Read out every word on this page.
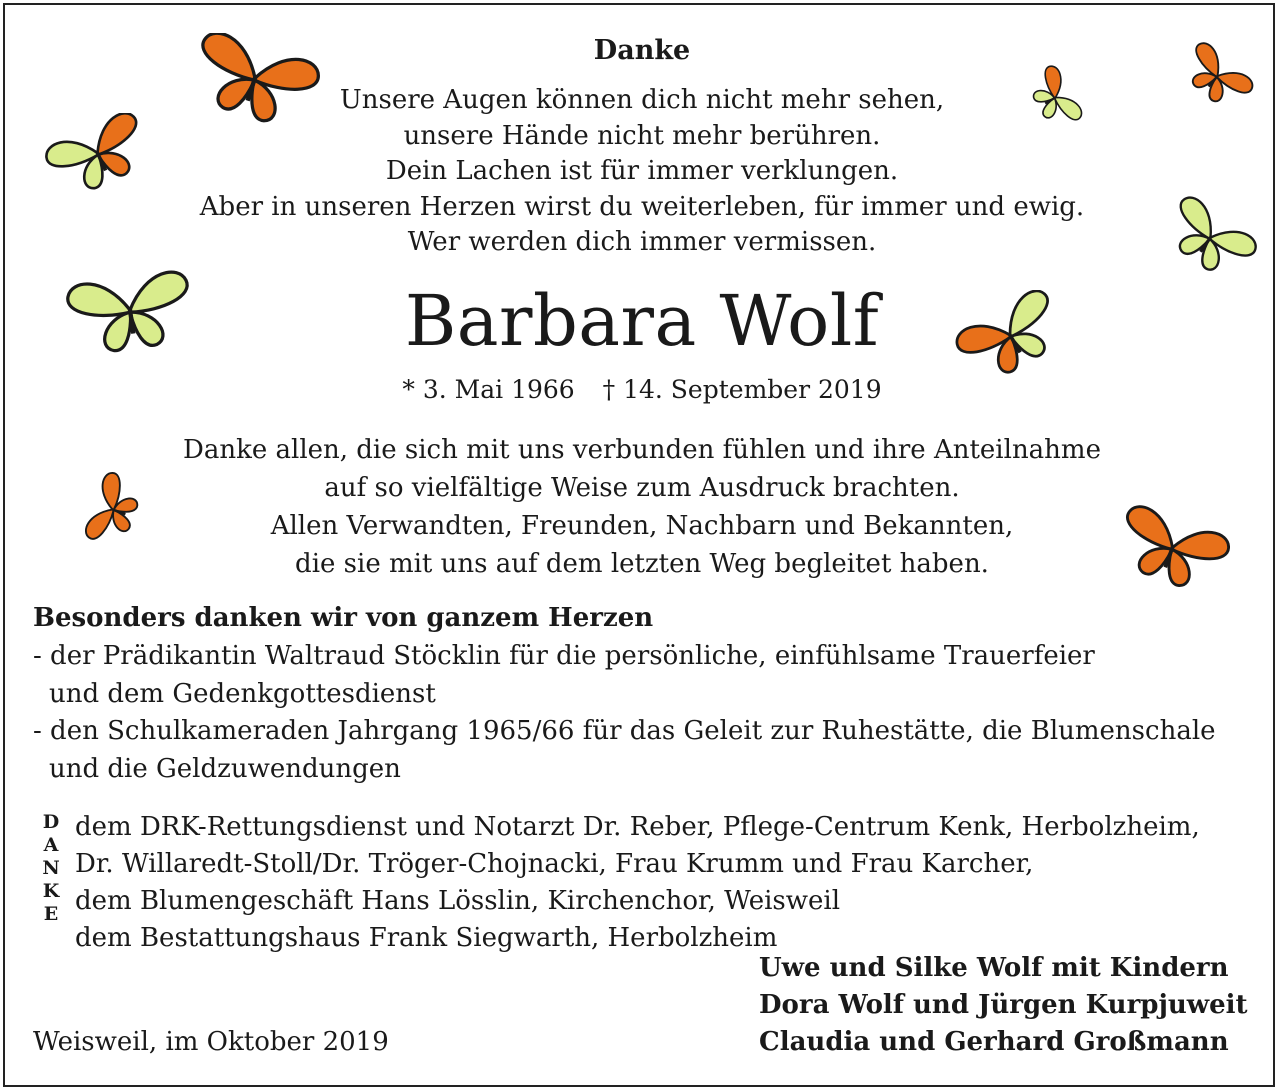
Danke
Unsere Augen können dich nicht mehr sehen,
unsere Hände nicht mehr berühren.
Dein Lachen ist für immer verklungen.
Aber in unseren Herzen wirst du weiterleben, für immer und ewig.
Wer werden dich immer vermissen.
Barbara Wolf
* 3. Mai 1966 † 14. September 2019
Danke allen, die sich mit uns verbunden fühlen und ihre Anteilnahme
auf so vielfältige Weise zum Ausdruck brachten.
Allen Verwandten, Freunden, Nachbarn und Bekannten,
die sie mit uns auf dem letzten Weg begleitet haben.
Besonders danken wir von ganzem Herzen
- der Prädikantin Waltraud Stöcklin für die persönliche, einfühlsame Trauerfeier und dem Gedenkgottesdienst
- den Schulkameraden Jahrgang 1965/66 für das Geleit zur Ruhestätte, die Blumenschale und die Geldzuwendungen
D
A
N
K
E
dem DRK-Rettungsdienst und Notarzt Dr. Reber, Pflege-Centrum Kenk, Herbolzheim,
Dr. Willaredt-Stoll/Dr. Tröger-Chojnacki, Frau Krumm und Frau Karcher,
dem Blumengeschäft Hans Lösslin, Kirchenchor, Weisweil
dem Bestattungshaus Frank Siegwarth, Herbolzheim
Uwe und Silke Wolf mit Kindern
Dora Wolf und Jürgen Kurpjuweit
Claudia und Gerhard Großmann
Weisweil, im Oktober 2019
